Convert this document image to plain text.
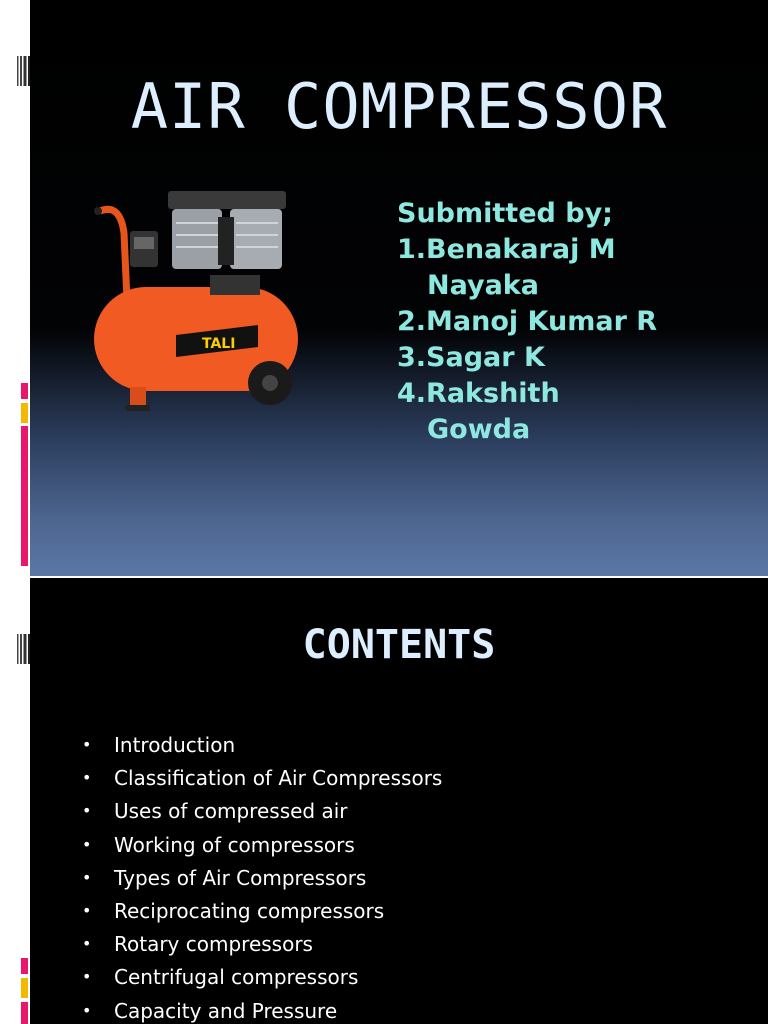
AIR COMPRESSOR
TALI
Submitted by;
1.Benakaraj M
Nayaka
2.Manoj Kumar R
3.Sagar K
4.Rakshith
Gowda
CONTENTS
• Introduction
• Classification of Air Compressors
• Uses of compressed air
• Working of compressors
• Types of Air Compressors
• Reciprocating compressors
• Rotary compressors
• Centrifugal compressors
• Capacity and Pressure
